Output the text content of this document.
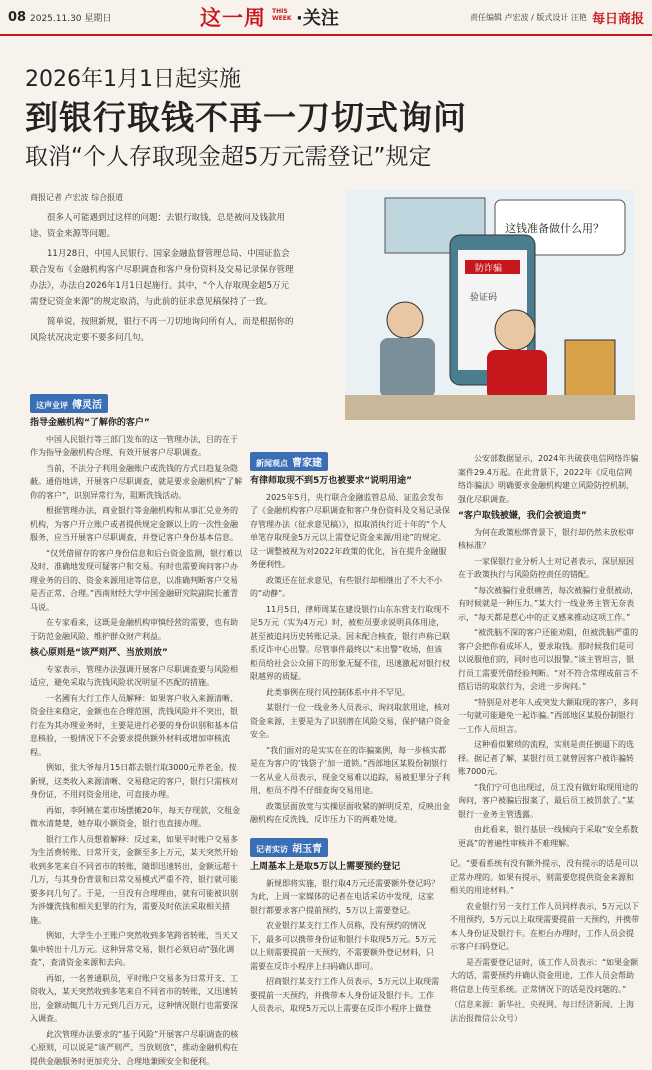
08 2025.11.30 星期日	这一周 THIS WEEK ·关注	责任编辑 卢宏波 / 版式设计 汪艳 每日商报
2026年1月1日起实施
到银行取钱不再一刀切式询问
取消“个人存取现金超5万元需登记”规定
商报记者 卢宏波 综合报道

很多人可能遇到过这样的问题：去银行取钱，总是被问及钱款用途、资金来源等问题。

11月28日，中国人民银行、国家金融监督管理总局、中国证监会联合发布《金融机构客户尽职调查和客户身份资料及交易记录保存管理办法》，办法自2026年1月1日起施行。其中，“个人存取现金超5万元需登记资金来源”的规定取消，与此前的征求意见稿保持了一致。

简单说，按照新规，银行不再一刀切地询问所有人，而是根据你的风险状况决定要不要多问几句。

这钱准备做什么用？
防诈骗
验证码
这声业评 傅灵活

指导金融机构“了解你的客户”

中国人民银行等三部门发布的这一管理办法，目的在于作为指导金融机构合理、有效开展客户尽职调查。

当前，不法分子利用金融账户或洗钱的方式日趋复杂隐蔽。通俗地讲，开展客户尽职调查，就是要求金融机构“了解你的客户”，识别异常行为，阻断洗钱活动。

根据管理办法，商业银行等金融机构和从事汇兑业务的机构，为客户开立账户或者提供规定金额以上的一次性金融服务，应当开展客户尽职调查，并登记客户身份基本信息。

“仅凭借留存的客户身份信息和后台资金监测，银行难以及时、准确地发现可疑客户和交易。有时也需要询问客户办理业务的目的、资金来源用途等信息，以准确判断客户交易是否正常、合理。”西南财经大学中国金融研究院副院长董青马说。

在专家看来，这既是金融机构审慎经营的需要，也有助于防范金融风险、维护群众财产利益。

核心原则是“该严则严、当放则放”

专家表示，管理办法强调开展客户尽职调查要与风险相适应，避免采取与洗钱风险状况明显不匹配的措施。

一名國有大行工作人员解释：如果客户收入来源清晰、资金往来稳定，金额也在合理范围，洗钱风险并不突出，银行在为其办理业务时，主要是进行必要的身份识别和基本信息核验，一般情况下不会要求提供额外材料或增加审核流程。

例如，张大爷每月15日都去银行取3000元养老金。按新规，这类收入来源清晰、交易稳定的客户，银行只需核对身份证，不用问资金用途，可直接办理。

再如，李阿姨在菜市场摆摊20年，每天存现款，交租金微水清楚楚，她存取小额资金，银行也直接办理。

银行工作人员想着解释：反过来，如果平时账户交易多为生活费转账、日常开支，金额至多上万元，某天突然开始收到多笔来自不同省市的转账，随即迅速转出，金额远超十几万，与其身份背景和日常交易模式严重不符，银行就可能要多问几句了。于是，一旦没有合理理由，就有可能被识别为涉嫌洗钱和相关犯罪的行为，需要及时依法采取相关措施。

例如，大学生小王账户突然收到多笔跨省转账，当天又集中转出十几万元。这种异常交易，银行必须启动“强化调查”，查清资金来源和去向。

再如，一名普通职员，平时账户交易多为日常开支、工资收入，某天突然收到多笔来自不同省市的转账，又迅速转出，金额动辄几十万元到几百万元，这种情况银行也需要深入调查。

此次管理办法要求的“基于风险”开展客户尽职调查的核心原则，可以说是“该严则严、当放则放”，推动金融机构在提供金融服务时更加充分、合理地兼顾安全和便利。

新闻观点 曹家建

有律师取现不到5万也被要求“说明用途”

2025年5月，央行联合金融监管总局、证监会发布了《金融机构客户尽职调查和客户身份资料及交易记录保存管理办法（征求意见稿）》，拟取消执行近十年的“个人单笔存取现金5万元以上需登记资金来源/用途”的规定。这一调整被视为对2022年政策的优化，旨在提升金融服务便利性。

政策还在征求意见，有些银行却相继出了不大不小的“动静”。

11月5日，律师周某在建设银行山东东营支行取现不足5万元（实为4万元）时，被柜员要求说明具体用途，甚至被追问历史转账记录。因未配合核查，银行声称已联系反诈中心出警。尽管事件最终以“未出警”收场，但该柜员给社会公众留下的形象无疑不佳，迅速激起对银行权限越界的质疑。

此类事例在现行风控制体系中并不罕见。

某银行一位一线业务人员表示，询问取款用途，核对资金来源，主要是为了识别潜在风险交易，保护储户资金安全。

“我们面对的是实实在在的诈骗案例，每一步核实都是在为客户的‘钱袋子’加一道锁。”西部地区某股份制银行一名从业人员表示，现金交易难以追踪，易被犯罪分子利用，柜员不得不仔细查询交易用途。

政策层面放宽与实操层面收紧的鲜明反差，反映出金融机构在反洗钱、反诈压力下的两难处境。

公安部数据显示，2024年共破获电信网络诈骗案件29.4万起。在此背景下，2022年《反电信网络诈骗法》明确要求金融机构建立风险防控机制，强化尽职调查。

“客户取钱被嫌，我们会被追责”

为何在政策松绑背景下，银行却仍然未放松审核标准？

一家保银行业分析人士对记者表示，深层原因在于政策执行与风险防控责任的错配。

“每次被骗行业很痛苦，每次被骗行业很被动，有时候就是一种压力。”某大行一线业务主管无奈表示，“每天都是惹心中的正义感来推动这项工作。”

“被洗脑不深的客户还能劝阻，但被洗脑严重的客户会把你看成坏人，要求取钱。那时候我们是可以说服他们的，同时也可以报警。”该主管坦言，银行员工需要凭借经验判断。“对不符合常理或前言不搭后语的取款行为，会进一步询问。”

“特别是对老年人或突发大额取现的客户，多问一句就可能避免一起诈骗。”西部地区某股份制银行一工作人员坦言。

这种看似繁琐的流程，实则是责任倒逼下的选择。据记者了解，某银行员工就曾因客户被诈骗转账7000元。

“我们宁可也出现过，员工没有做好取现用途的询问，客户被骗后报案了，最后员工被罚款了。”某银行一业务主管透露。

由此看来，银行基层一线倾向于采取“安全系数更高”的普遍性审核并不难理解。

记者实访 胡玉青

上周基本上是取5万以上需要预约登记

新规即将实施，银行取4万元还需要额外登记吗？为此，上周一家媒体的记者在电话采访中发现，这家银行都要求客户提前预约，5万以上需要登记。

农业银行某支行工作人员称，没有预约的情况下，最多可以携带身份证和银行卡取现5万元。5万元以上则需要提前一天预约，不需要额外登记材料，只需要在反诈小程序上扫码确认即可。

招商银行某支行工作人员表示，5万元以上取现需要提前一天预约，并携带本人身份证及银行卡。工作人员表示，取现5万元以上需要在反诈小程序上做登记。“要看系统有没有额外提示，没有提示的话是可以正常办理的。如果有提示，则需要您提供资金来源和相关的用途材料。”

农业银行另一支行工作人员同样表示，5万元以下不用预约，5万元以上取现需要提前一天预约，并携带本人身份证及银行卡。在柜台办理时，工作人员会提示客户扫码登记。

是否需要登记证时，该工作人员表示：“如果金额大的话，需要预约并确认资金用途，工作人员会帮助将信息上传至系统。正常情况下的话是没问题的。”

（信息来源：新华社、央视网、每日经济新闻、上海法治报微信公众号）
